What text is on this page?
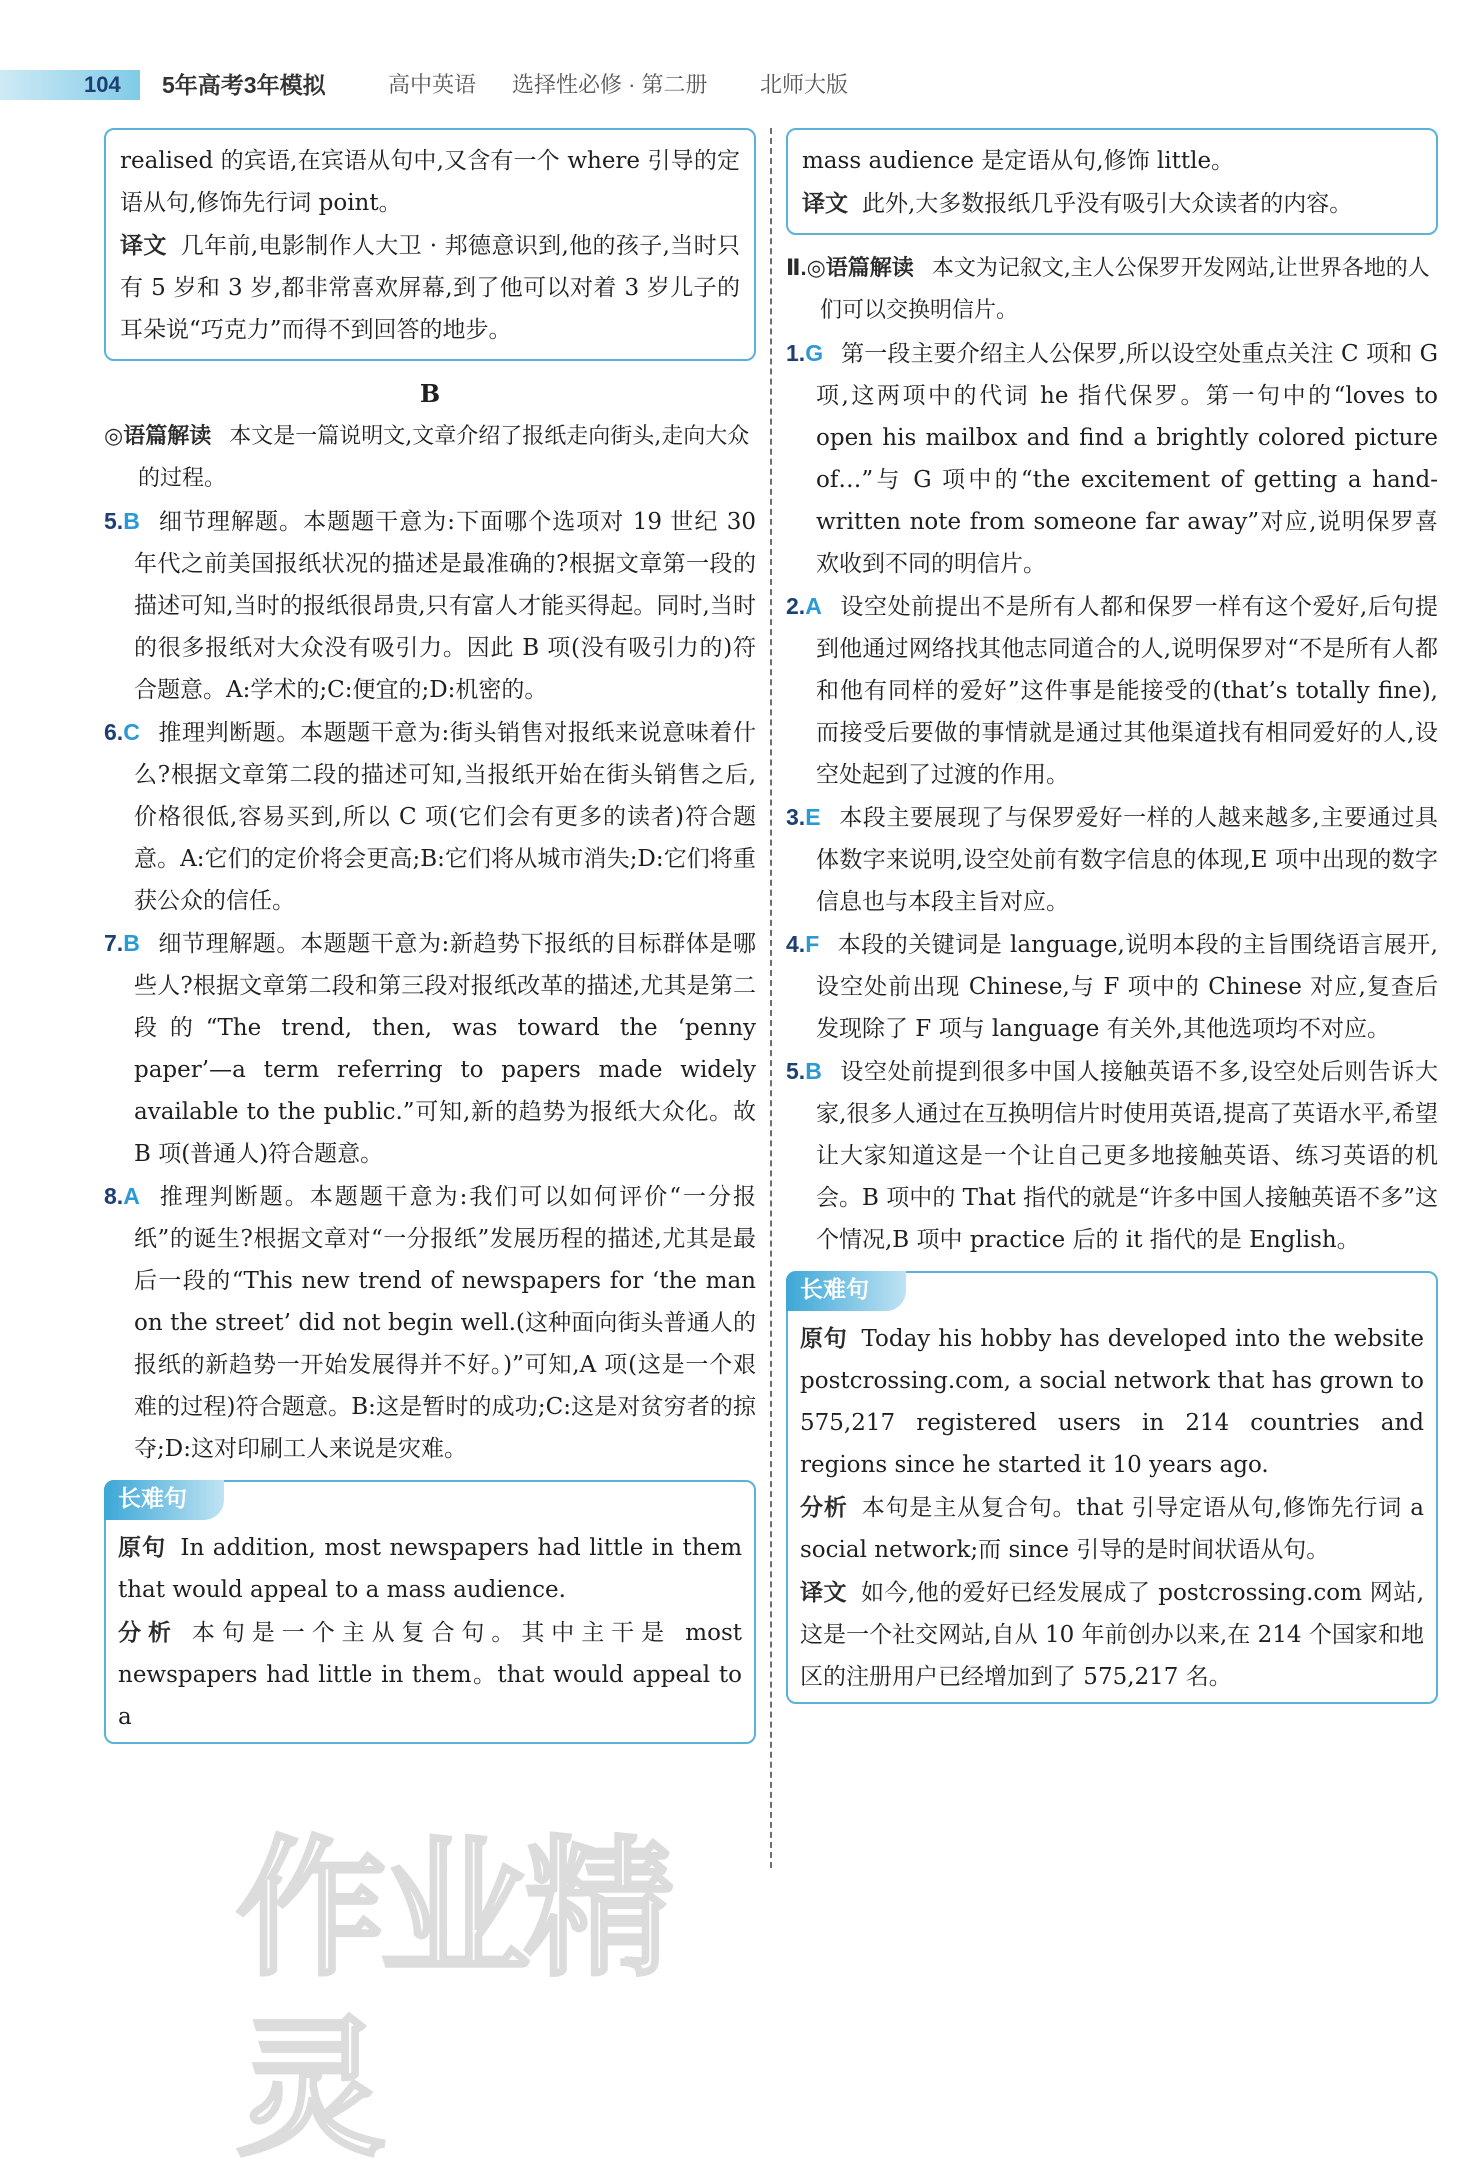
104	5年高考3年模拟	高中英语 选择性必修 · 第二册 北师大版

realised 的宾语,在宾语从句中,又含有一个 where 引导的定语从句,修饰先行词 point。

译文 几年前,电影制作人大卫 · 邦德意识到,他的孩子,当时只有 5 岁和 3 岁,都非常喜欢屏幕,到了他可以对着 3 岁儿子的耳朵说“巧克力”而得不到回答的地步。

B

◎语篇解读 本文是一篇说明文,文章介绍了报纸走向街头,走向大众的过程。

5.B 细节理解题。本题题干意为:下面哪个选项对 19 世纪 30 年代之前美国报纸状况的描述是最准确的?根据文章第一段的描述可知,当时的报纸很昂贵,只有富人才能买得起。同时,当时的很多报纸对大众没有吸引力。因此 B 项(没有吸引力的)符合题意。A:学术的;C:便宜的;D:机密的。
6.C 推理判断题。本题题干意为:街头销售对报纸来说意味着什么?根据文章第二段的描述可知,当报纸开始在街头销售之后,价格很低,容易买到,所以 C 项(它们会有更多的读者)符合题意。A:它们的定价将会更高;B:它们将从城市消失;D:它们将重获公众的信任。
7.B 细节理解题。本题题干意为:新趋势下报纸的目标群体是哪些人?根据文章第二段和第三段对报纸改革的描述,尤其是第二段的“The trend, then, was toward the ‘penny paper’—a term referring to papers made widely available to the public.”可知,新的趋势为报纸大众化。故 B 项(普通人)符合题意。
8.A 推理判断题。本题题干意为:我们可以如何评价“一分报纸”的诞生?根据文章对“一分报纸”发展历程的描述,尤其是最后一段的“This new trend of newspapers for ‘the man on the street’ did not begin well.(这种面向街头普通人的报纸的新趋势一开始发展得并不好。)”可知,A 项(这是一个艰难的过程)符合题意。B:这是暂时的成功;C:这是对贫穷者的掠夺;D:这对印刷工人来说是灾难。
长难句

原句 In addition, most newspapers had little in them that would appeal to a mass audience.

分析 本句是一个主从复合句。其中主干是 most newspapers had little in them。that would appeal to a

mass audience 是定语从句,修饰 little。

译文 此外,大多数报纸几乎没有吸引大众读者的内容。

Ⅱ.◎语篇解读 本文为记叙文,主人公保罗开发网站,让世界各地的人们可以交换明信片。

1.G 第一段主要介绍主人公保罗,所以设空处重点关注 C 项和 G 项,这两项中的代词 he 指代保罗。第一句中的“loves to open his mailbox and find a brightly colored picture of…”与 G 项中的“the excitement of getting a hand-written note from someone far away”对应,说明保罗喜欢收到不同的明信片。
2.A 设空处前提出不是所有人都和保罗一样有这个爱好,后句提到他通过网络找其他志同道合的人,说明保罗对“不是所有人都和他有同样的爱好”这件事是能接受的(that’s totally fine),而接受后要做的事情就是通过其他渠道找有相同爱好的人,设空处起到了过渡的作用。
3.E 本段主要展现了与保罗爱好一样的人越来越多,主要通过具体数字来说明,设空处前有数字信息的体现,E 项中出现的数字信息也与本段主旨对应。
4.F 本段的关键词是 language,说明本段的主旨围绕语言展开,设空处前出现 Chinese,与 F 项中的 Chinese 对应,复查后发现除了 F 项与 language 有关外,其他选项均不对应。
5.B 设空处前提到很多中国人接触英语不多,设空处后则告诉大家,很多人通过在互换明信片时使用英语,提高了英语水平,希望让大家知道这是一个让自己更多地接触英语、练习英语的机会。B 项中的 That 指代的就是“许多中国人接触英语不多”这个情况,B 项中 practice 后的 it 指代的是 English。
长难句

原句 Today his hobby has developed into the website postcrossing.com, a social network that has grown to 575,217 registered users in 214 countries and regions since he started it 10 years ago.

分析 本句是主从复合句。that 引导定语从句,修饰先行词 a social network;而 since 引导的是时间状语从句。

译文 如今,他的爱好已经发展成了 postcrossing.com 网站,这是一个社交网站,自从 10 年前创办以来,在 214 个国家和地区的注册用户已经增加到了 575,217 名。

作业精灵
